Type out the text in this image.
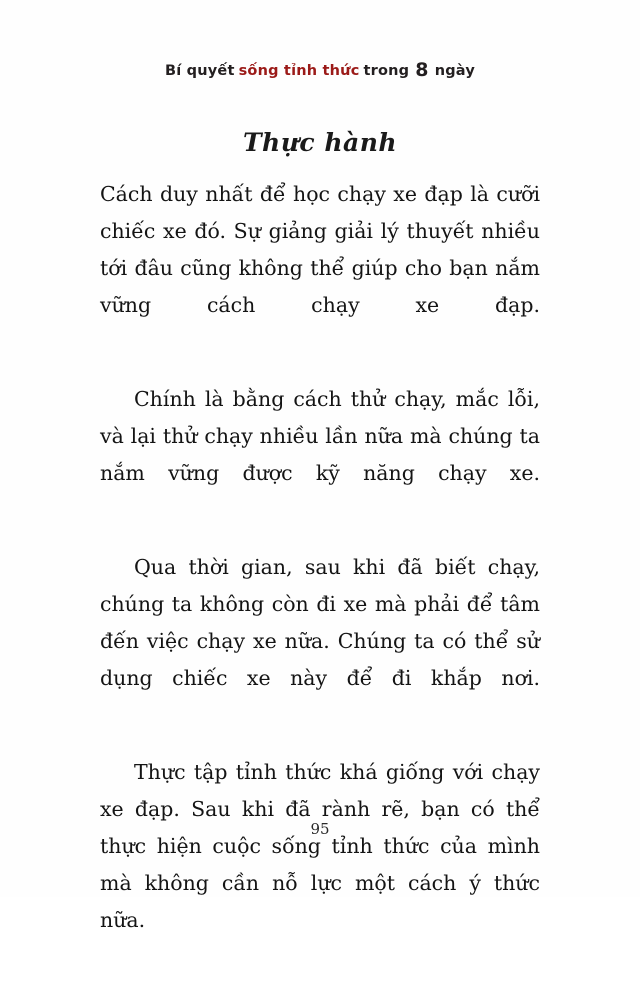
Bí quyết sống tỉnh thức trong 8 ngày
Thực hành

Cách duy nhất để học chạy xe đạp là cưỡi chiếc xe đó. Sự giảng giải lý thuyết nhiều tới đâu cũng không thể giúp cho bạn nắm vững cách chạy xe đạp.

Chính là bằng cách thử chạy, mắc lỗi, và lại thử chạy nhiều lần nữa mà chúng ta nắm vững được kỹ năng chạy xe.

Qua thời gian, sau khi đã biết chạy, chúng ta không còn đi xe mà phải để tâm đến việc chạy xe nữa. Chúng ta có thể sử dụng chiếc xe này để đi khắp nơi.

Thực tập tỉnh thức khá giống với chạy xe đạp. Sau khi đã rành rẽ, bạn có thể thực hiện cuộc sống tỉnh thức của mình mà không cần nỗ lực một cách ý thức nữa.

95
